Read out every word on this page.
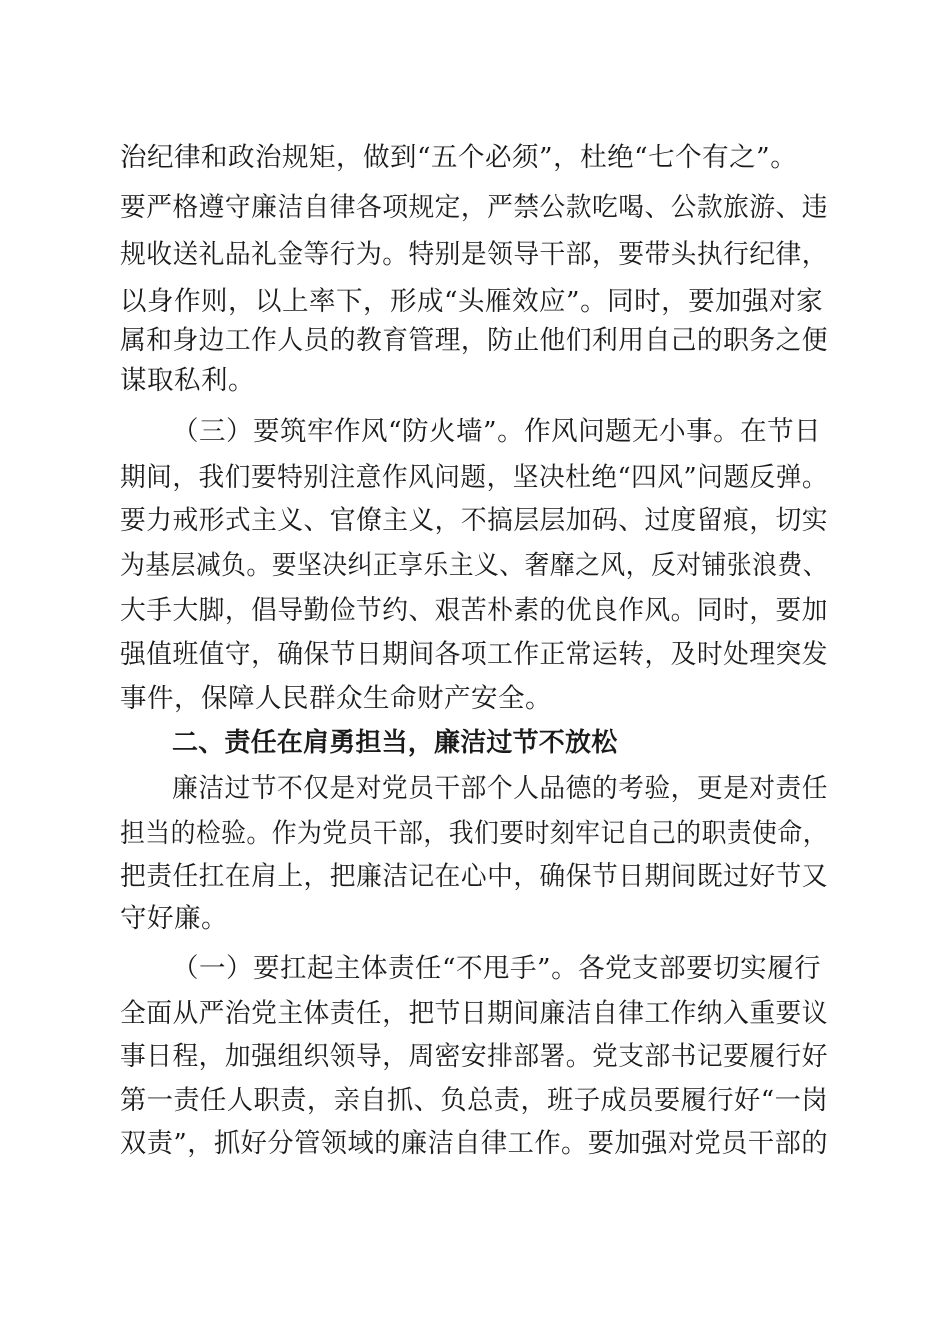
治纪律和政治规矩，做到“五个必须”，杜绝“七个有之”。
要严格遵守廉洁自律各项规定，严禁公款吃喝、公款旅游、违
规收送礼品礼金等行为。特别是领导干部，要带头执行纪律，
以身作则，以上率下，形成“头雁效应”。同时，要加强对家
属和身边工作人员的教育管理，防止他们利用自己的职务之便
谋取私利。
（三）要筑牢作风“防火墙”。作风问题无小事。在节日
期间，我们要特别注意作风问题，坚决杜绝“四风”问题反弹。
要力戒形式主义、官僚主义，不搞层层加码、过度留痕，切实
为基层减负。要坚决纠正享乐主义、奢靡之风，反对铺张浪费、
大手大脚，倡导勤俭节约、艰苦朴素的优良作风。同时，要加
强值班值守，确保节日期间各项工作正常运转，及时处理突发
事件，保障人民群众生命财产安全。
二、责任在肩勇担当，廉洁过节不放松
廉洁过节不仅是对党员干部个人品德的考验，更是对责任
担当的检验。作为党员干部，我们要时刻牢记自己的职责使命，
把责任扛在肩上，把廉洁记在心中，确保节日期间既过好节又
守好廉。
（一）要扛起主体责任“不甩手”。各党支部要切实履行
全面从严治党主体责任，把节日期间廉洁自律工作纳入重要议
事日程，加强组织领导，周密安排部署。党支部书记要履行好
第一责任人职责，亲自抓、负总责，班子成员要履行好“一岗
双责”，抓好分管领域的廉洁自律工作。要加强对党员干部的
